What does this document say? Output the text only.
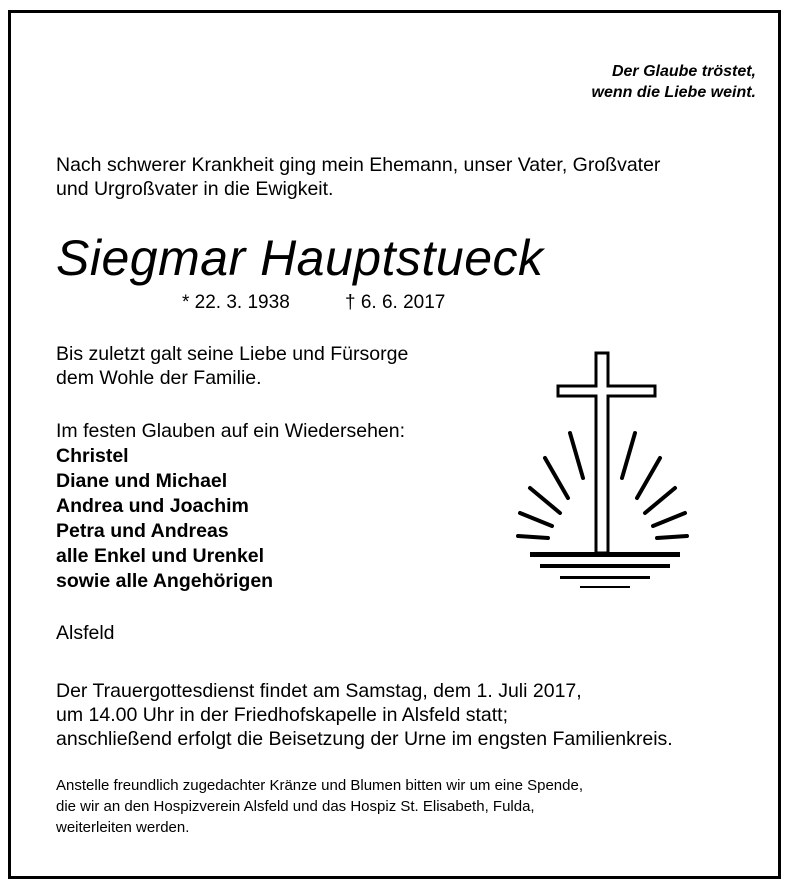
Der Glaube tröstet,
wenn die Liebe weint.
Nach schwerer Krankheit ging mein Ehemann, unser Vater, Großvater
und Urgroßvater in die Ewigkeit.
Siegmar Hauptstueck
* 22. 3. 1938	† 6. 6. 2017
Bis zuletzt galt seine Liebe und Fürsorge
dem Wohle der Familie.
Im festen Glauben auf ein Wiedersehen:
Christel
Diane und Michael
Andrea und Joachim
Petra und Andreas
alle Enkel und Urenkel
sowie alle Angehörigen
Alsfeld
Der Trauergottesdienst findet am Samstag, dem 1. Juli 2017,
um 14.00 Uhr in der Friedhofskapelle in Alsfeld statt;
anschließend erfolgt die Beisetzung der Urne im engsten Familienkreis.
Anstelle freundlich zugedachter Kränze und Blumen bitten wir um eine Spende,
die wir an den Hospizverein Alsfeld und das Hospiz St. Elisabeth, Fulda,
weiterleiten werden.
